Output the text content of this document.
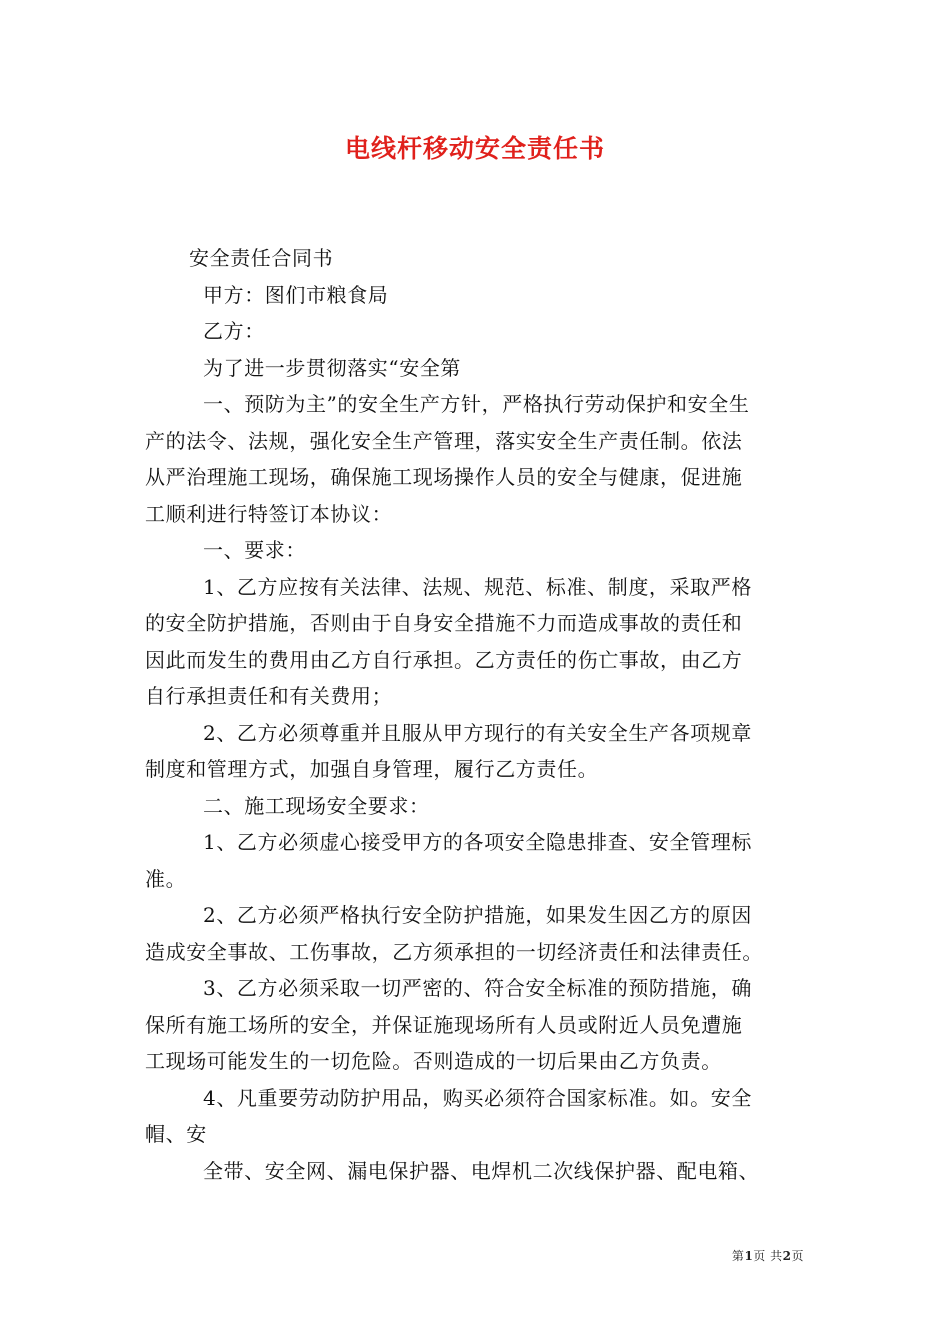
电线杆移动安全责任书

安全责任合同书

甲方：图们市粮食局

乙方：

为了进一步贯彻落实“安全第

一、预防为主”的安全生产方针，严格执行劳动保护和安全生

产的法令、法规，强化安全生产管理，落实安全生产责任制。依法

从严治理施工现场，确保施工现场操作人员的安全与健康，促进施

工顺利进行特签订本协议：

一、要求：

1、乙方应按有关法律、法规、规范、标准、制度，采取严格

的安全防护措施，否则由于自身安全措施不力而造成事故的责任和

因此而发生的费用由乙方自行承担。乙方责任的伤亡事故，由乙方

自行承担责任和有关费用；

2、乙方必须尊重并且服从甲方现行的有关安全生产各项规章

制度和管理方式，加强自身管理，履行乙方责任。

二、施工现场安全要求：

1、乙方必须虚心接受甲方的各项安全隐患排查、安全管理标

准。

2、乙方必须严格执行安全防护措施，如果发生因乙方的原因

造成安全事故、工伤事故，乙方须承担的一切经济责任和法律责任。

3、乙方必须采取一切严密的、符合安全标准的预防措施，确

保所有施工场所的安全，并保证施现场所有人员或附近人员免遭施

工现场可能发生的一切危险。否则造成的一切后果由乙方负责。

4、凡重要劳动防护用品，购买必须符合国家标准。如。安全

帽、安

全带、安全网、漏电保护器、电焊机二次线保护器、配电箱、

第1页 共2页
